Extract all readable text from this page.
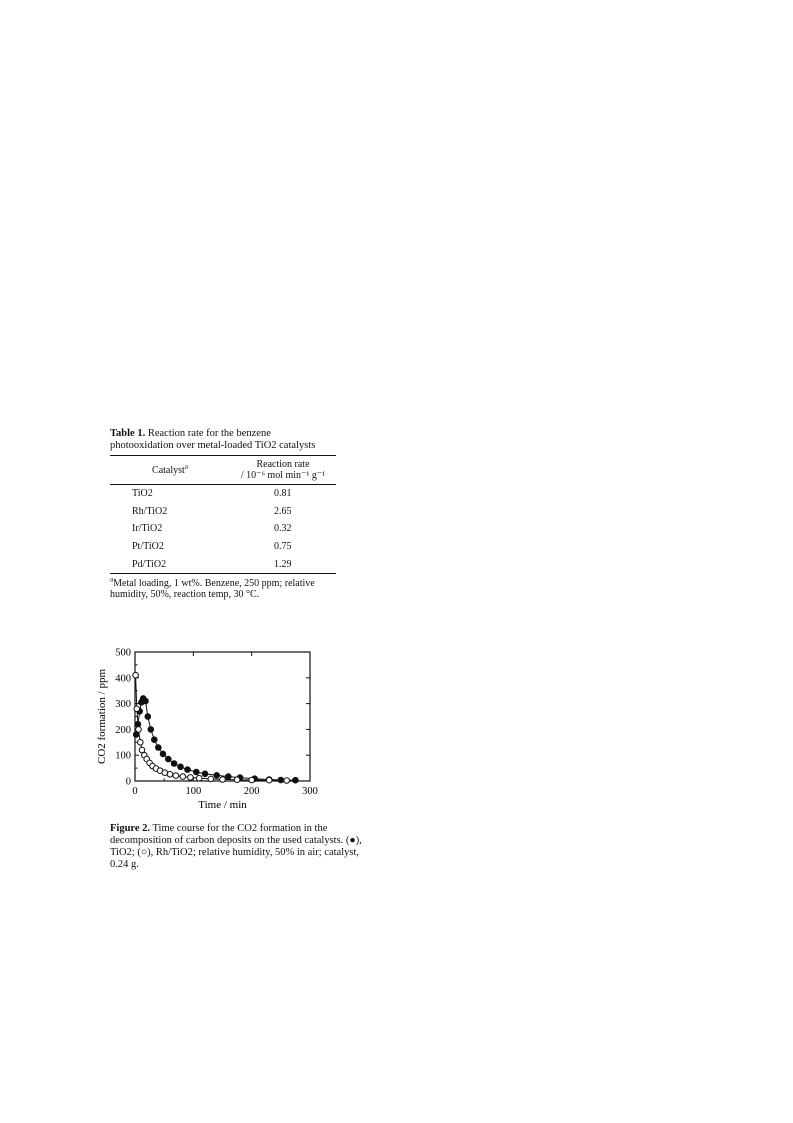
Table 1. Reaction rate for the benzene photooxidation over metal-loaded TiO2 catalysts
Catalyst$^a$	Reaction rate
/ 10⁻⁶ mol min⁻¹ g⁻¹
TiO2	0.81
Rh/TiO2	2.65
Ir/TiO2	0.32
Pt/TiO2	0.75
Pd/TiO2	1.29
$^a$Metal loading, 1 wt%. Benzene, 250 ppm; relative humidity, 50%, reaction temp, 30 °C.
0	100	200	300
0
100
200
300
400
500
Time / min
CO2 formation / ppm
Figure 2. Time course for the CO2 formation in the decomposition of carbon deposits on the used catalysts. (●), TiO2; (○), Rh/TiO2; relative humidity, 50% in air; catalyst, 0.24 g.
